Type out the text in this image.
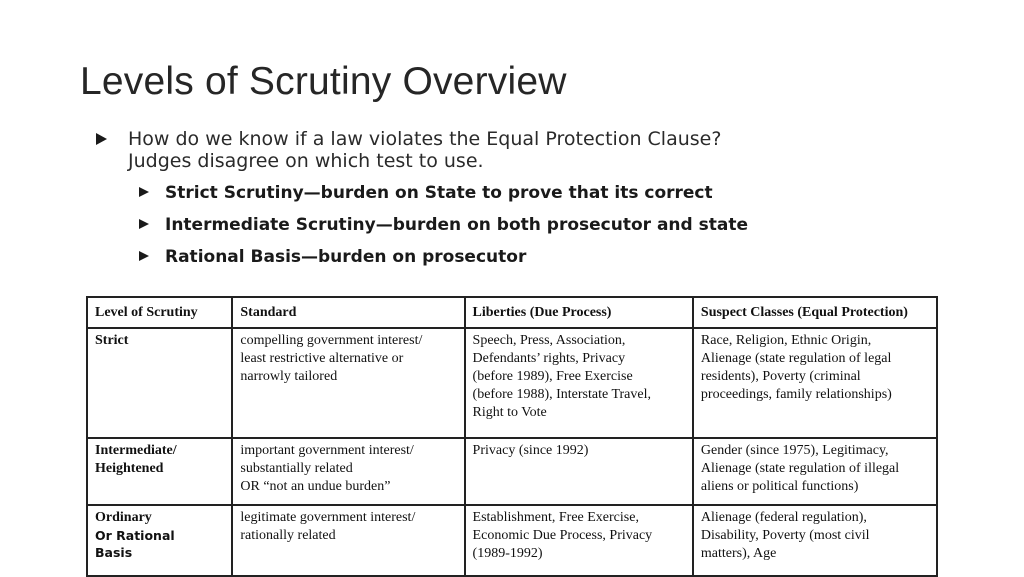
Levels of Scrutiny Overview
How do we know if a law violates the Equal Protection Clause?
Judges disagree on which test to use.
Strict Scrutiny—burden on State to prove that its correct
Intermediate Scrutiny—burden on both prosecutor and state
Rational Basis—burden on prosecutor
Level of Scrutiny	Standard	Liberties (Due Process)	Suspect Classes (Equal Protection)

Strict	compelling government interest/
least restrictive alternative or
narrowly tailored	Speech, Press, Association,
Defendants’ rights, Privacy
(before 1989), Free Exercise
(before 1988), Interstate Travel,
Right to Vote	Race, Religion, Ethnic Origin,
Alienage (state regulation of legal
residents), Poverty (criminal
proceedings, family relationships)

Intermediate/
Heightened	important government interest/
substantially related
OR “not an undue burden”	Privacy (since 1992)	Gender (since 1975), Legitimacy,
Alienage (state regulation of illegal
aliens or political functions)

Ordinary
Or Rational
Basis	legitimate government interest/
rationally related	Establishment, Free Exercise,
Economic Due Process, Privacy
(1989-1992)	Alienage (federal regulation),
Disability, Poverty (most civil
matters), Age
